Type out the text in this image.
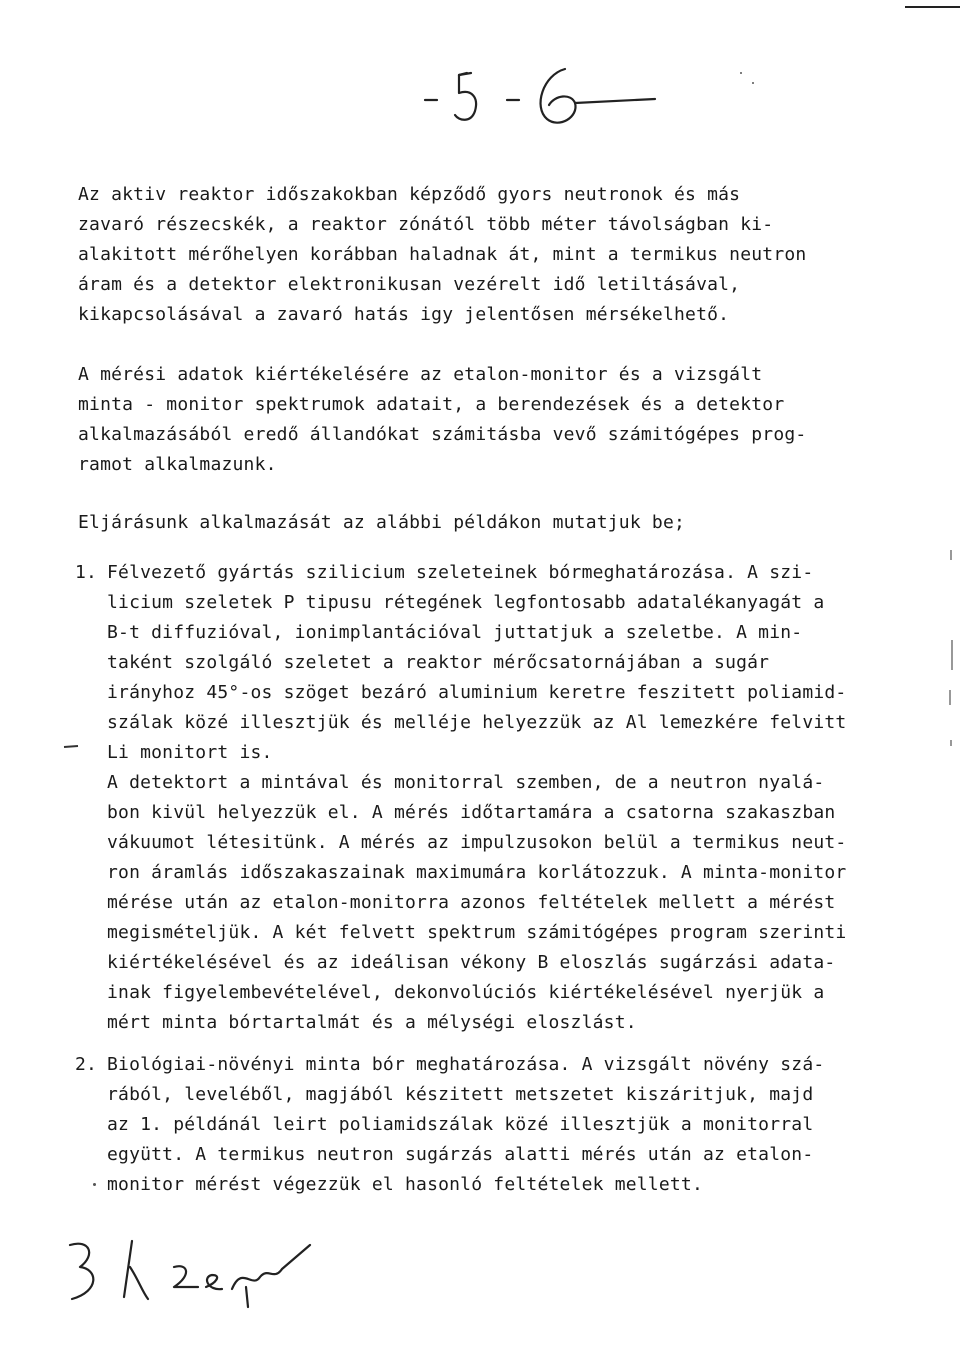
Az aktiv reaktor időszakokban képződő gyors neutronok és más
zavaró részecskék, a reaktor zónától több méter távolságban ki-
alakitott mérőhelyen korábban haladnak át, mint a termikus neutron
áram és a detektor elektronikusan vezérelt idő letiltásával,
kikapcsolásával a zavaró hatás igy jelentősen mérsékelhető.
A mérési adatok kiértékelésére az etalon-monitor és a vizsgált
minta - monitor spektrumok adatait, a berendezések és a detektor
alkalmazásából eredő állandókat számitásba vevő számitógépes prog-
ramot alkalmazunk.
Eljárásunk alkalmazását az alábbi példákon mutatjuk be;
1. Félvezető gyártás szilicium szeleteinek bórmeghatározása. A szi-
licium szeletek P tipusu rétegének legfontosabb adatalékanyagát a
B-t diffuzióval, ionimplantációval juttatjuk a szeletbe. A min-
taként szolgáló szeletet a reaktor mérőcsatornájában a sugár
irányhoz 45°-os szöget bezáró aluminium keretre feszitett poliamid-
szálak közé illesztjük és melléje helyezzük az Al lemezkére felvitt
Li monitort is.
A detektort a mintával és monitorral szemben, de a neutron nyalá-
bon kivül helyezzük el. A mérés időtartamára a csatorna szakaszban
vákuumot létesitünk. A mérés az impulzusokon belül a termikus neut-
ron áramlás időszakaszainak maximumára korlátozzuk. A minta-monitor
mérése után az etalon-monitorra azonos feltételek mellett a mérést
megismételjük. A két felvett spektrum számitógépes program szerinti
kiértékelésével és az ideálisan vékony B eloszlás sugárzási adata-
inak figyelembevételével, dekonvolúciós kiértékelésével nyerjük a
mért minta bórtartalmát és a mélységi eloszlást.
2. Biológiai-növényi minta bór meghatározása. A vizsgált növény szá-
rából, leveléből, magjából készitett metszetet kiszáritjuk, majd
az 1. példánál leirt poliamidszálak közé illesztjük a monitorral
együtt. A termikus neutron sugárzás alatti mérés után az etalon-
monitor mérést végezzük el hasonló feltételek mellett.
